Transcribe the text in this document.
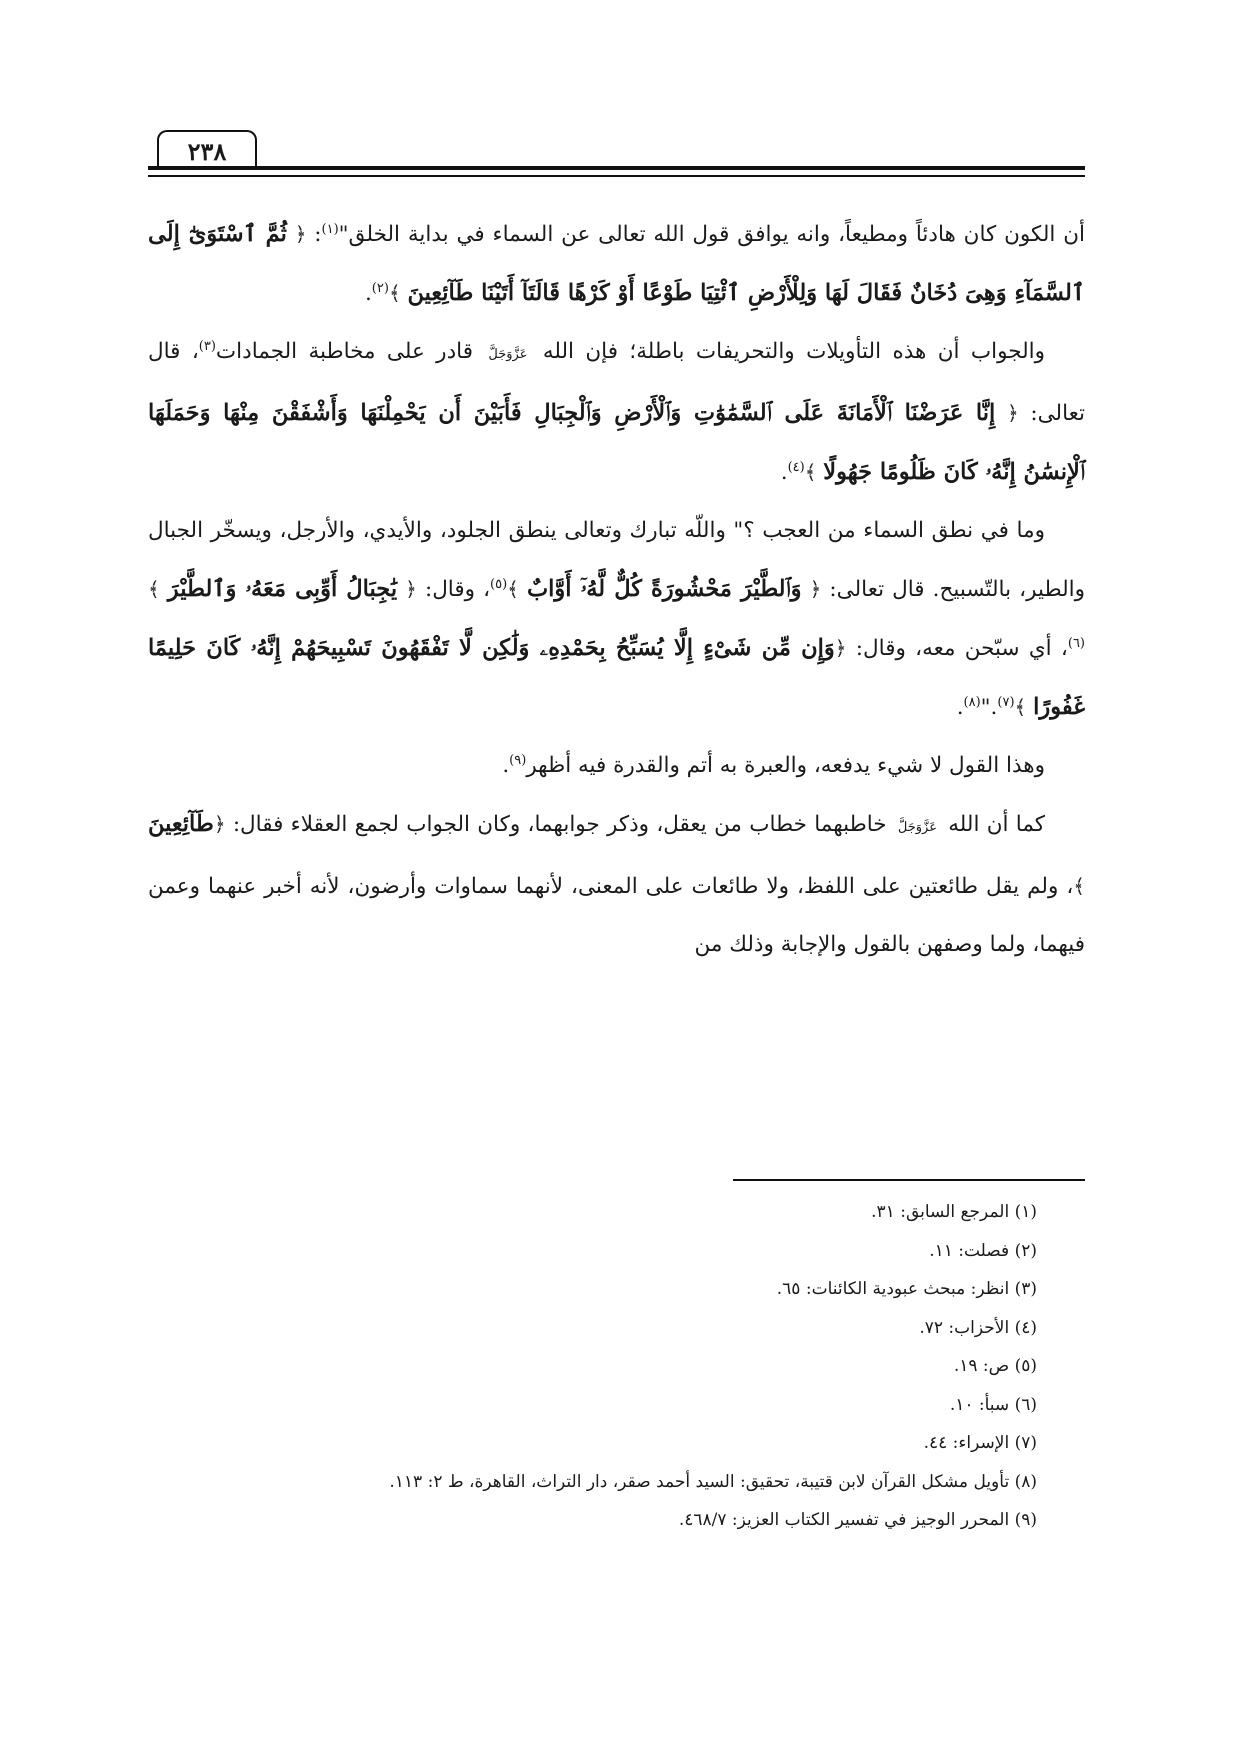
٢٣٨

أن الكون كان هادئاً ومطيعاً، وانه يوافق قول الله تعالى عن السماء في بداية الخلق"$^{(١)}$: ﴿ ثُمَّ ٱسْتَوَىٰٓ إِلَى ٱلسَّمَآءِ وَهِىَ دُخَانٌ فَقَالَ لَهَا وَلِلْأَرْضِ ٱئْتِيَا طَوْعًا أَوْ كَرْهًا قَالَتَآ أَتَيْنَا طَآئِعِينَ ﴾$^{(٢)}$.

والجواب أن هذه التأويلات والتحريفات باطلة؛ فإن الله عَزَّوَجَلَّ قادر على مخاطبة الجمادات$^{(٣)}$، قال تعالى: ﴿ إِنَّا عَرَضْنَا ٱلْأَمَانَةَ عَلَى ٱلسَّمَٰوَٰتِ وَٱلْأَرْضِ وَٱلْجِبَالِ فَأَبَيْنَ أَن يَحْمِلْنَهَا وَأَشْفَقْنَ مِنْهَا وَحَمَلَهَا ٱلْإِنسَٰنُ إِنَّهُۥ كَانَ ظَلُومًا جَهُولًا ﴾$^{(٤)}$.

وما في نطق السماء من العجب ؟" واللّه تبارك وتعالى ينطق الجلود، والأيدي، والأرجل، ويسخّر الجبال والطير، بالتّسبيح. قال تعالى: ﴿ وَٱلطَّيْرَ مَحْشُورَةً كُلٌّ لَّهُۥٓ أَوَّابٌ ﴾$^{(٥)}$، وقال: ﴿ يَٰجِبَالُ أَوِّبِى مَعَهُۥ وَٱلطَّيْرَ ﴾$^{(٦)}$، أي سبّحن معه، وقال: ﴿وَإِن مِّن شَىْءٍ إِلَّا يُسَبِّحُ بِحَمْدِهِۦ وَلَٰكِن لَّا تَفْقَهُونَ تَسْبِيحَهُمْ إِنَّهُۥ كَانَ حَلِيمًا غَفُورًا ﴾$^{(٧)}$."$^{(٨)}$.

وهذا القول لا شيء يدفعه، والعبرة به أتم والقدرة فيه أظهر$^{(٩)}$.

كما أن الله عَزَّوَجَلَّ خاطبهما خطاب من يعقل، وذكر جوابهما، وكان الجواب لجمع العقلاء فقال: ﴿طَآئِعِينَ ﴾، ولم يقل طائعتين على اللفظ، ولا طائعات على المعنى، لأنهما سماوات وأرضون، لأنه أخبر عنهما وعمن فيهما، ولما وصفهن بالقول والإجابة وذلك من

(١) المرجع السابق: ٣١.
(٢) فصلت: ١١.
(٣) انظر: مبحث عبودية الكائنات: ٦٥.
(٤) الأحزاب: ٧٢.
(٥) ص: ١٩.
(٦) سبأ: ١٠.
(٧) الإسراء: ٤٤.
(٨) تأويل مشكل القرآن لابن قتيبة، تحقيق: السيد أحمد صقر، دار التراث، القاهرة، ط ٢: ١١٣.
(٩) المحرر الوجيز في تفسير الكتاب العزيز: ٤٦٨/٧.
